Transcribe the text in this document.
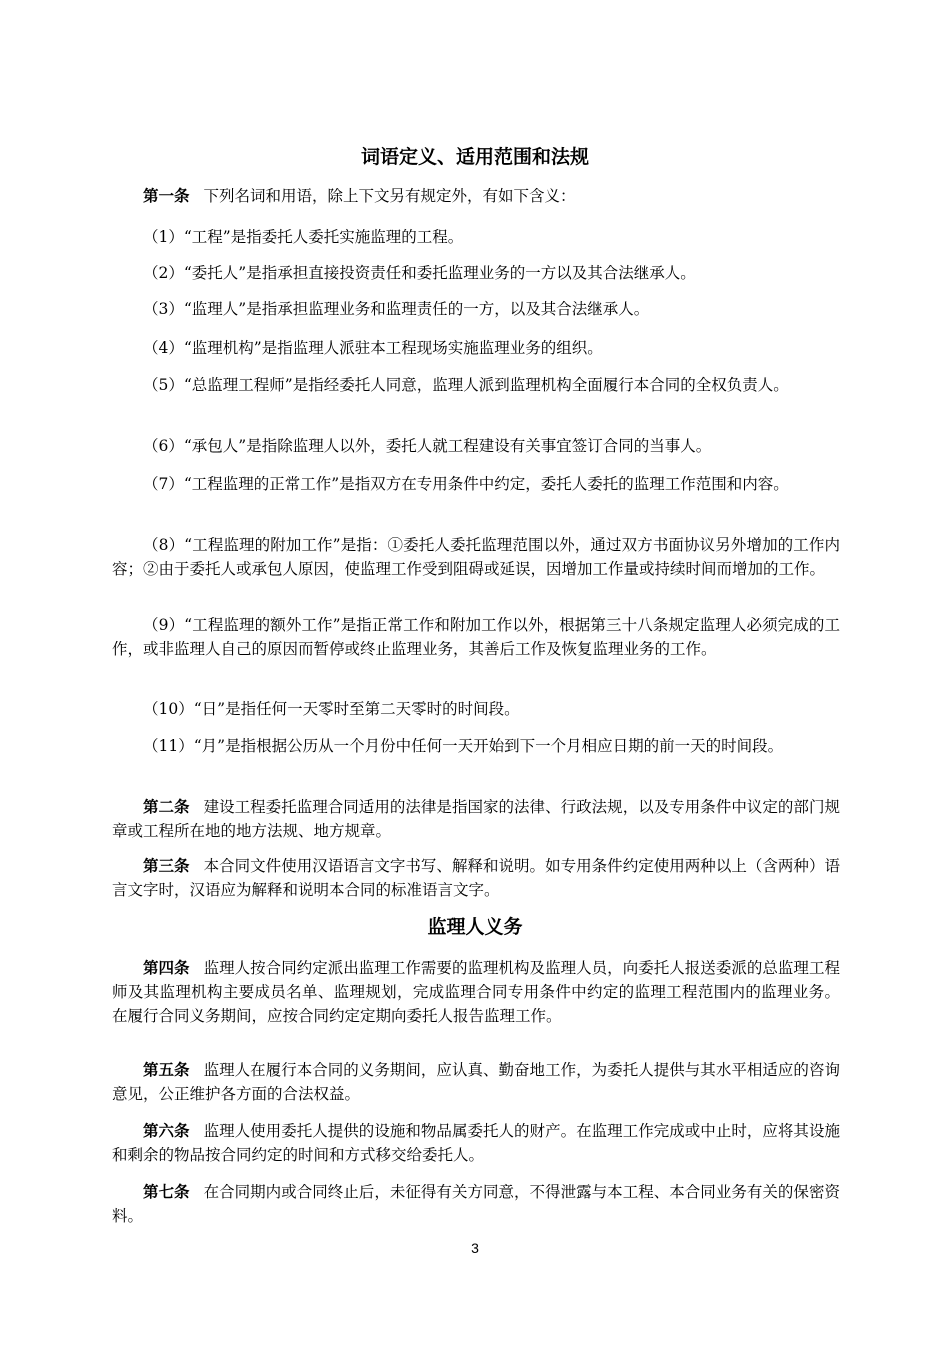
词语定义、适用范围和法规

第一条 下列名词和用语，除上下文另有规定外，有如下含义：

（1）“工程”是指委托人委托实施监理的工程。

（2）“委托人”是指承担直接投资责任和委托监理业务的一方以及其合法继承人。

（3）“监理人”是指承担监理业务和监理责任的一方，以及其合法继承人。

（4）“监理机构”是指监理人派驻本工程现场实施监理业务的组织。

（5）“总监理工程师”是指经委托人同意，监理人派到监理机构全面履行本合同的全权负责人。

（6）“承包人”是指除监理人以外，委托人就工程建设有关事宜签订合同的当事人。

（7）“工程监理的正常工作”是指双方在专用条件中约定，委托人委托的监理工作范围和内容。

（8）“工程监理的附加工作”是指：①委托人委托监理范围以外，通过双方书面协议另外增加的工作内容；②由于委托人或承包人原因，使监理工作受到阻碍或延误，因增加工作量或持续时间而增加的工作。

（9）“工程监理的额外工作”是指正常工作和附加工作以外，根据第三十八条规定监理人必须完成的工作，或非监理人自己的原因而暂停或终止监理业务，其善后工作及恢复监理业务的工作。

（10）“日”是指任何一天零时至第二天零时的时间段。

（11）“月”是指根据公历从一个月份中任何一天开始到下一个月相应日期的前一天的时间段。

第二条 建设工程委托监理合同适用的法律是指国家的法律、行政法规，以及专用条件中议定的部门规章或工程所在地的地方法规、地方规章。

第三条 本合同文件使用汉语语言文字书写、解释和说明。如专用条件约定使用两种以上（含两种）语言文字时，汉语应为解释和说明本合同的标准语言文字。

监理人义务

第四条 监理人按合同约定派出监理工作需要的监理机构及监理人员，向委托人报送委派的总监理工程师及其监理机构主要成员名单、监理规划，完成监理合同专用条件中约定的监理工程范围内的监理业务。在履行合同义务期间，应按合同约定定期向委托人报告监理工作。

第五条 监理人在履行本合同的义务期间，应认真、勤奋地工作，为委托人提供与其水平相适应的咨询意见，公正维护各方面的合法权益。

第六条 监理人使用委托人提供的设施和物品属委托人的财产。在监理工作完成或中止时，应将其设施和剩余的物品按合同约定的时间和方式移交给委托人。

第七条 在合同期内或合同终止后，未征得有关方同意，不得泄露与本工程、本合同业务有关的保密资料。

3
